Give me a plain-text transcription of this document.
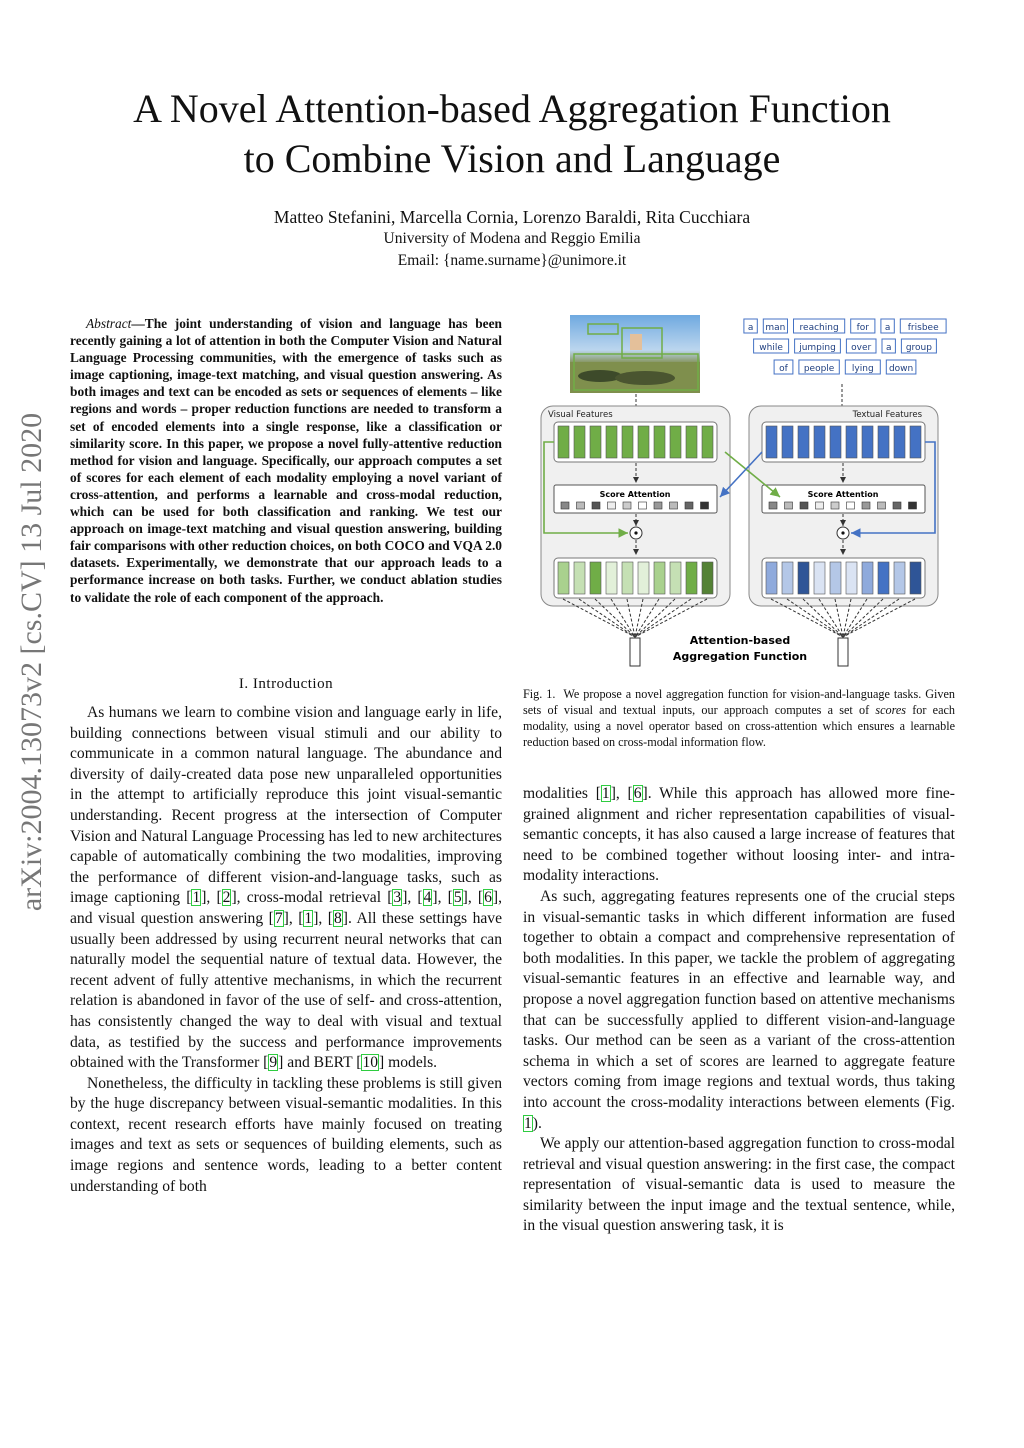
arXiv:2004.13073v2 [cs.CV] 13 Jul 2020
A Novel Attention-based Aggregation Function
to Combine Vision and Language
Matteo Stefanini, Marcella Cornia, Lorenzo Baraldi, Rita Cucchiara
University of Modena and Reggio Emilia
Email: {name.surname}@unimore.it
Abstract—The joint understanding of vision and language has been recently gaining a lot of attention in both the Computer Vision and Natural Language Processing communities, with the emergence of tasks such as image captioning, image-text matching, and visual question answering. As both images and text can be encoded as sets or sequences of elements – like regions and words – proper reduction functions are needed to transform a set of encoded elements into a single response, like a classification or similarity score. In this paper, we propose a novel fully-attentive reduction method for vision and language. Specifically, our approach computes a set of scores for each element of each modality employing a novel variant of cross-attention, and performs a learnable and cross-modal reduction, which can be used for both classification and ranking. We test our approach on image-text matching and visual question answering, building fair comparisons with other reduction choices, on both COCO and VQA 2.0 datasets. Experimentally, we demonstrate that our approach leads to a performance increase on both tasks. Further, we conduct ablation studies to validate the role of each component of the approach.
I. Introduction

As humans we learn to combine vision and language early in life, building connections between visual stimuli and our ability to communicate in a common natural language. The abundance and diversity of daily-created data pose new unparalleled opportunities in the attempt to artificially reproduce this joint visual-semantic understanding. Recent progress at the intersection of Computer Vision and Natural Language Processing has led to new architectures capable of automatically combining the two modalities, improving the performance of different vision-and-language tasks, such as image captioning [1], [2], cross-modal retrieval [3], [4], [5], [6], and visual question answering [7], [1], [8]. All these settings have usually been addressed by using recurrent neural networks that can naturally model the sequential nature of textual data. However, the recent advent of fully attentive mechanisms, in which the recurrent relation is abandoned in favor of the use of self- and cross-attention, has consistently changed the way to deal with visual and textual data, as testified by the success and performance improvements obtained with the Transformer [9] and BERT [10] models.

Nonetheless, the difficulty in tackling these problems is still given by the huge discrepancy between visual-semantic modalities. In this context, recent research efforts have mainly focused on treating images and text as sets or sequences of building elements, such as image regions and sentence words, leading to a better content understanding of both

modalities [1], [6]. While this approach has allowed more fine-grained alignment and richer representation capabilities of visual-semantic concepts, it has also caused a large increase of features that need to be combined together without loosing inter- and intra-modality interactions.

As such, aggregating features represents one of the crucial steps in visual-semantic tasks in which different information are fused together to obtain a compact and comprehensive representation of both modalities. In this paper, we tackle the problem of aggregating visual-semantic features in an effective and learnable way, and propose a novel aggregation function based on attentive mechanisms that can be successfully applied to different vision-and-language tasks. Our method can be seen as a variant of the cross-attention schema in which a set of scores are learned to aggregate feature vectors coming from image regions and textual words, thus taking into account the cross-modality interactions between elements (Fig. 1).

We apply our attention-based aggregation function to cross-modal retrieval and visual question answering: in the first case, the compact representation of visual-semantic data is used to measure the similarity between the input image and the textual sentence, while, in the visual question answering task, it is

a man reaching for a frisbee
while jumping over a group
of people lying down
Visual Features	Textual Features
Score Attention	Score Attention
Attention-based
Aggregation Function
Fig. 1. We propose a novel aggregation function for vision-and-language tasks. Given sets of visual and textual inputs, our approach computes a set of scores for each modality, using a novel operator based on cross-attention which ensures a learnable reduction based on cross-modal information flow.
